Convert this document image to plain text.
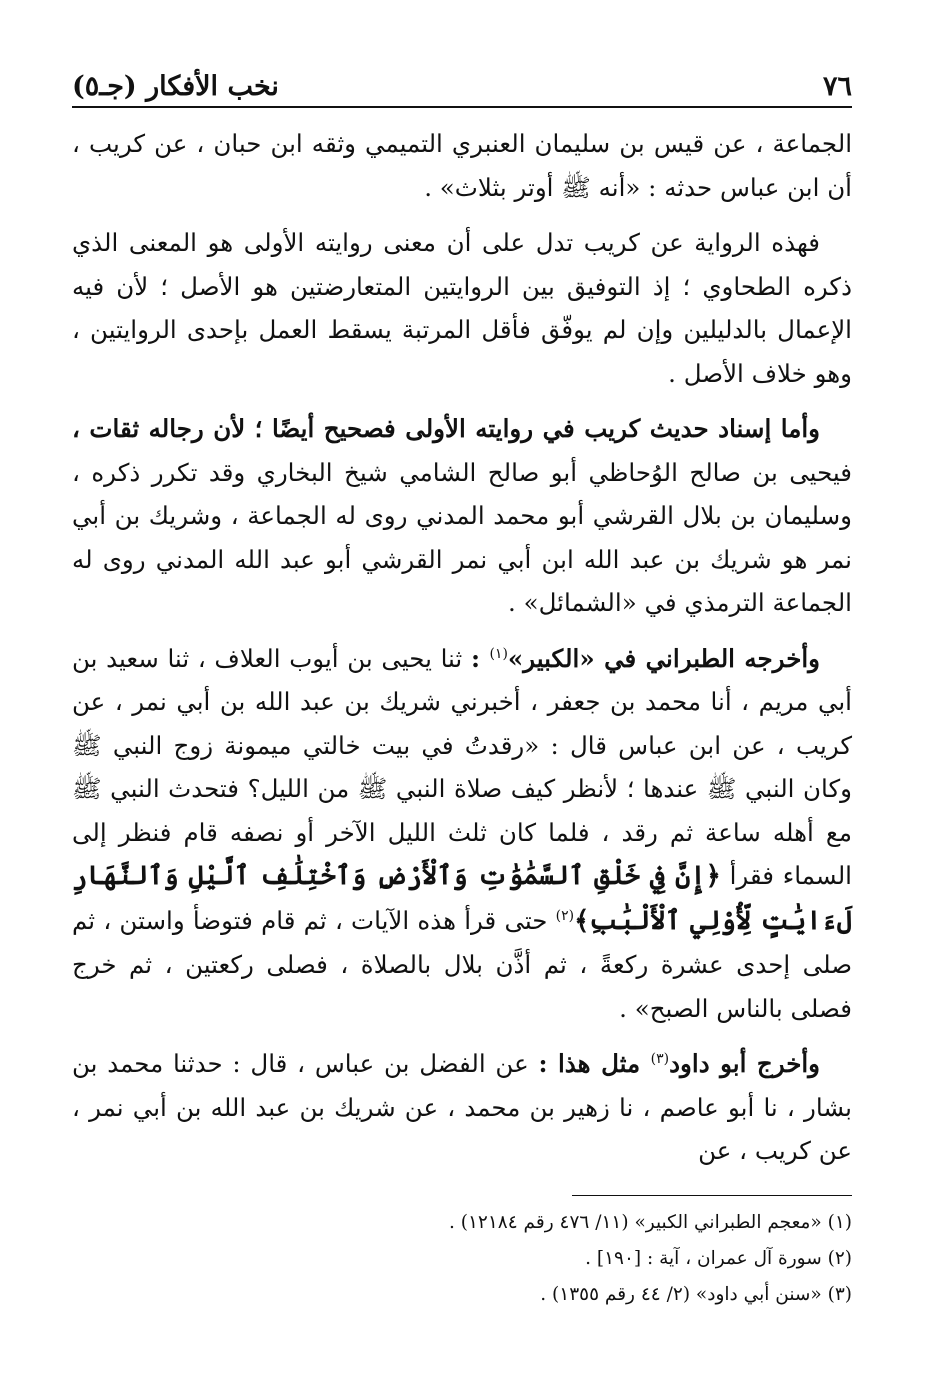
٧٦
نخب الأفكار (جـ٥)

الجماعة ، عن قيس بن سليمان العنبري التميمي وثقه ابن حبان ، عن كريب ، أن ابن عباس حدثه : «أنه ﷺ أوتر بثلاث» .

فهذه الرواية عن كريب تدل على أن معنى روايته الأولى هو المعنى الذي ذكره الطحاوي ؛ إذ التوفيق بين الروايتين المتعارضتين هو الأصل ؛ لأن فيه الإعمال بالدليلين وإن لم يوفّق فأقل المرتبة يسقط العمل بإحدى الروايتين ، وهو خلاف الأصل .

وأما إسناد حديث كريب في روايته الأولى فصحيح أيضًا ؛ لأن رجاله ثقات ، فيحيى بن صالح الوُحاظي أبو صالح الشامي شيخ البخاري وقد تكرر ذكره ، وسليمان بن بلال القرشي أبو محمد المدني روى له الجماعة ، وشريك بن أبي نمر هو شريك بن عبد الله ابن أبي نمر القرشي أبو عبد الله المدني روى له الجماعة الترمذي في «الشمائل» .

وأخرجه الطبراني في «الكبير»$^{(١)}$ : ثنا يحيى بن أيوب العلاف ، ثنا سعيد بن أبي مريم ، أنا محمد بن جعفر ، أخبرني شريك بن عبد الله بن أبي نمر ، عن كريب ، عن ابن عباس قال : «رقدتُ في بيت خالتي ميمونة زوج النبي ﷺ وكان النبي ﷺ عندها ؛ لأنظر كيف صلاة النبي ﷺ من الليل؟ فتحدث النبي ﷺ مع أهله ساعة ثم رقد ، فلما كان ثلث الليل الآخر أو نصفه قام فنظر إلى السماء فقرأ ﴿إِنَّ فِي خَلْقِ ٱلسَّمَٰوَٰتِ وَٱلْأَرْضِ وَٱخْتِلَٰفِ ٱلَّيْلِ وَٱلنَّهَارِ لَءَايَٰتٍ لِّأُوْلِي ٱلْأَلْبَٰبِ﴾$^{(٢)}$ حتى قرأ هذه الآيات ، ثم قام فتوضأ واستن ، ثم صلى إحدى عشرة ركعةً ، ثم أذَّن بلال بالصلاة ، فصلى ركعتين ، ثم خرج فصلى بالناس الصبح» .

وأخرج أبو داود$^{(٣)}$ مثل هذا : عن الفضل بن عباس ، قال : حدثنا محمد بن بشار ، نا أبو عاصم ، نا زهير بن محمد ، عن شريك بن عبد الله بن أبي نمر ، عن كريب ، عن

(١) «معجم الطبراني الكبير» (١١/ ٤٧٦ رقم ١٢١٨٤) .

(٢) سورة آل عمران ، آية : [١٩٠] .

(٣) «سنن أبي داود» (٢/ ٤٤ رقم ١٣٥٥) .
